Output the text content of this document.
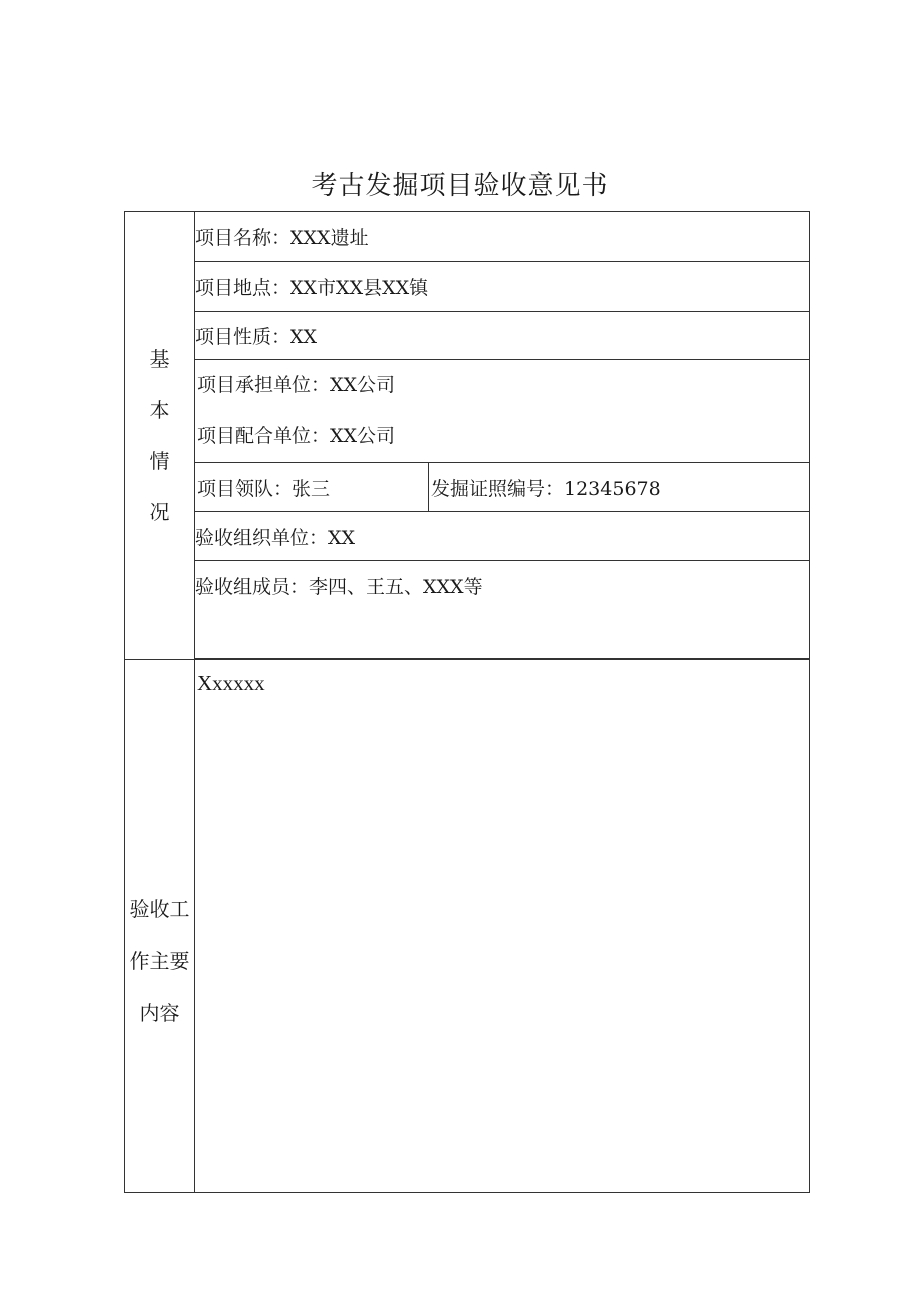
考古发掘项目验收意见书
基
本
情
况	项目名称：XXX遗址
	项目地点：XX市XX县XX镇
	项目性质：XX

	项目承担单位：XX公司
项目配合单位：XX公司

项目领队：张三 发掘证照编号：12345678

	验收组织单位：XX
	验收组成员：李四、王五、XXX等

验收工
作主要
内容	Xxxxxx
